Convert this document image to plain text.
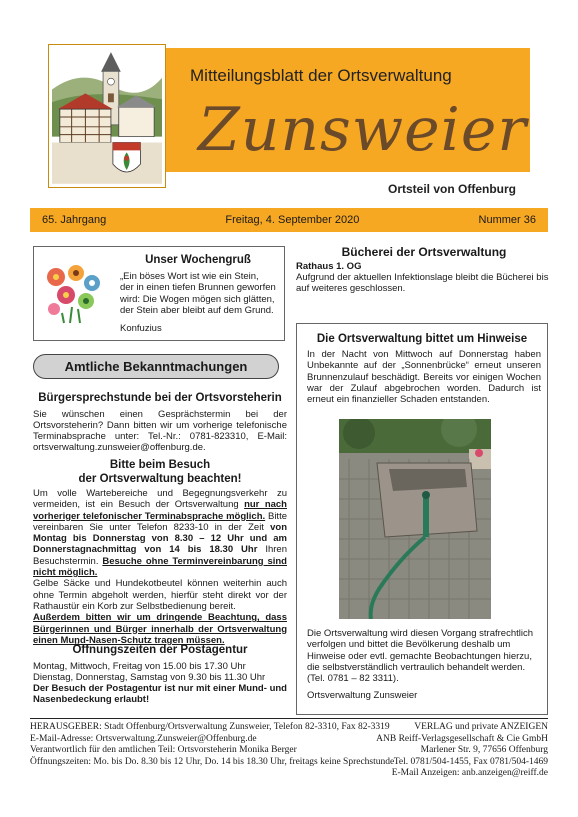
Mitteilungsblatt der Ortsverwaltung
Zunsweier
Ortsteil von Offenburg
65. Jahrgang	Freitag, 4. September 2020	Nummer 36
Unser Wochengruß
„Ein böses Wort ist wie ein Stein,
der in einen tiefen Brunnen geworfen
wird: Die Wogen mögen sich glätten,
der Stein aber bleibt auf dem Grund.
Konfuzius
Bücherei der Ortsverwaltung
Rathaus 1. OG
Aufgrund der aktuellen Infektionslage bleibt die Bücherei bis auf weiteres geschlossen.
Amtliche Bekanntmachungen
Bürgersprechstunde bei der Ortsvorsteherin
Sie wünschen einen Gesprächstermin bei der Ortsvorsteherin? Dann bitten wir um vorherige telefonische Terminabsprache unter: Tel.-Nr.: 0781-823310, E-Mail: ortsverwaltung.zunsweier@offenburg.de.
Bitte beim Besuch
der Ortsverwaltung beachten!
Um volle Wartebereiche und Begegnungsverkehr zu vermeiden, ist ein Besuch der Ortsverwaltung nur nach vorheriger telefonischer Terminabsprache möglich. Bitte vereinbaren Sie unter Telefon 8233-10 in der Zeit von Montag bis Donnerstag von 8.30 – 12 Uhr und am Donnerstagnachmittag von 14 bis 18.30 Uhr Ihren Besuchstermin. Besuche ohne Terminvereinbarung sind nicht möglich.
Gelbe Säcke und Hundekotbeutel können weiterhin auch ohne Termin abgeholt werden, hierfür steht direkt vor der Rathaustür ein Korb zur Selbstbedienung bereit.
Außerdem bitten wir um dringende Beachtung, dass Bürgerinnen und Bürger innerhalb der Ortsverwaltung einen Mund-Nasen-Schutz tragen müssen.
Öffnungszeiten der Postagentur
Montag, Mittwoch, Freitag von 15.00 bis 17.30 Uhr
Dienstag, Donnerstag, Samstag von 9.30 bis 11.30 Uhr
Der Besuch der Postagentur ist nur mit einer Mund- und Nasenbedeckung erlaubt!
Die Ortsverwaltung bittet um Hinweise
In der Nacht von Mittwoch auf Donnerstag haben Unbekannte auf der „Sonnenbrücke“ erneut unseren Brunnenzulauf beschädigt. Bereits vor einigen Wochen war der Zulauf abgebrochen worden. Dadurch ist erneut ein finanzieller Schaden entstanden.
Die Ortsverwaltung wird diesen Vorgang strafrechtlich verfolgen und bittet die Bevölkerung deshalb um Hinweise oder evtl. gemachte Beobachtungen hierzu, die selbstverständlich vertraulich behandelt werden. (Tel. 0781 – 82 3311).
Ortsverwaltung Zunsweier
HERAUSGEBER: Stadt Offenburg/Ortsverwaltung Zunsweier, Telefon 82-3310, Fax 82-3319
E-Mail-Adresse: Ortsverwaltung.Zunsweier@Offenburg.de
Verantwortlich für den amtlichen Teil: Ortsvorsteherin Monika Berger
Öffnungszeiten: Mo. bis Do. 8.30 bis 12 Uhr, Do. 14 bis 18.30 Uhr, freitags keine Sprechstunde
VERLAG und private ANZEIGEN
ANB Reiff-Verlagsgesellschaft & Cie GmbH
Marlener Str. 9, 77656 Offenburg
Tel. 0781/504-1455, Fax 0781/504-1469
E-Mail Anzeigen: anb.anzeigen@reiff.de
